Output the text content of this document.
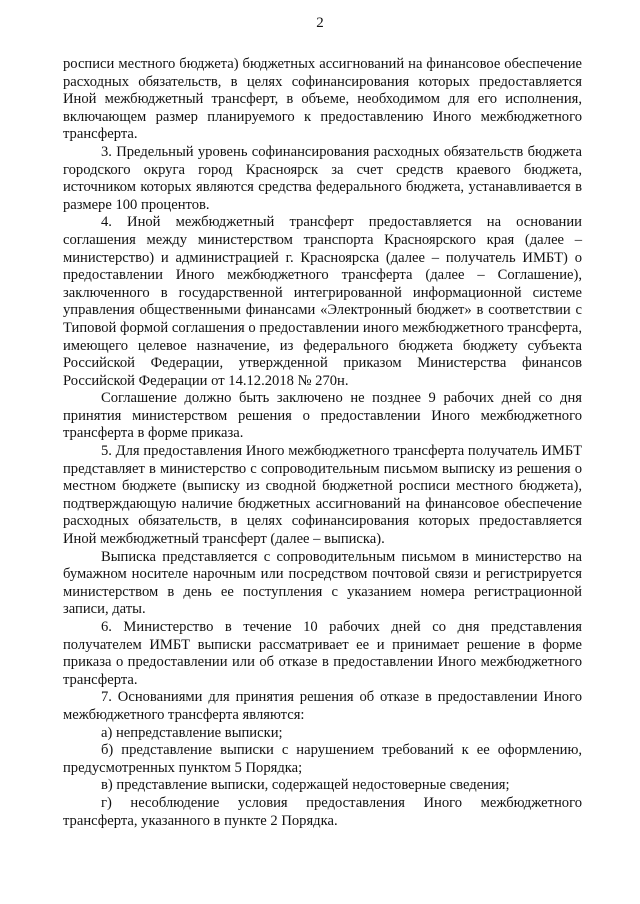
2

росписи местного бюджета) бюджетных ассигнований на финансовое обеспечение расходных обязательств, в целях софинансирования которых предоставляется Иной межбюджетный трансферт, в объеме, необходимом для его исполнения, включающем размер планируемого к предоставлению Иного межбюджетного трансферта.

3. Предельный уровень софинансирования расходных обязательств бюджета городского округа город Красноярск за счет средств краевого бюджета, источником которых являются средства федерального бюджета, устанавливается в размере 100 процентов.

4. Иной межбюджетный трансферт предоставляется на основании соглашения между министерством транспорта Красноярского края (далее – министерство) и администрацией г. Красноярска (далее – получатель ИМБТ) о предоставлении Иного межбюджетного трансферта (далее – Соглашение), заключенного в государственной интегрированной информационной системе управления общественными финансами «Электронный бюджет» в соответствии с Типовой формой соглашения о предоставлении иного межбюджетного трансферта, имеющего целевое назначение, из федерального бюджета бюджету субъекта Российской Федерации, утвержденной приказом Министерства финансов Российской Федерации от 14.12.2018 № 270н.

Соглашение должно быть заключено не позднее 9 рабочих дней со дня принятия министерством решения о предоставлении Иного межбюджетного трансферта в форме приказа.

5. Для предоставления Иного межбюджетного трансферта получатель ИМБТ представляет в министерство с сопроводительным письмом выписку из решения о местном бюджете (выписку из сводной бюджетной росписи местного бюджета), подтверждающую наличие бюджетных ассигнований на финансовое обеспечение расходных обязательств, в целях софинансирования которых предоставляется Иной межбюджетный трансферт (далее – выписка).

Выписка представляется с сопроводительным письмом в министерство на бумажном носителе нарочным или посредством почтовой связи и регистрируется министерством в день ее поступления с указанием номера регистрационной записи, даты.

6. Министерство в течение 10 рабочих дней со дня представления получателем ИМБТ выписки рассматривает ее и принимает решение в форме приказа о предоставлении или об отказе в предоставлении Иного межбюджетного трансферта.

7. Основаниями для принятия решения об отказе в предоставлении Иного межбюджетного трансферта являются:

а) непредставление выписки;

б) представление выписки с нарушением требований к ее оформлению, предусмотренных пунктом 5 Порядка;

в) представление выписки, содержащей недостоверные сведения;

г) несоблюдение условия предоставления Иного межбюджетного трансферта, указанного в пункте 2 Порядка.
